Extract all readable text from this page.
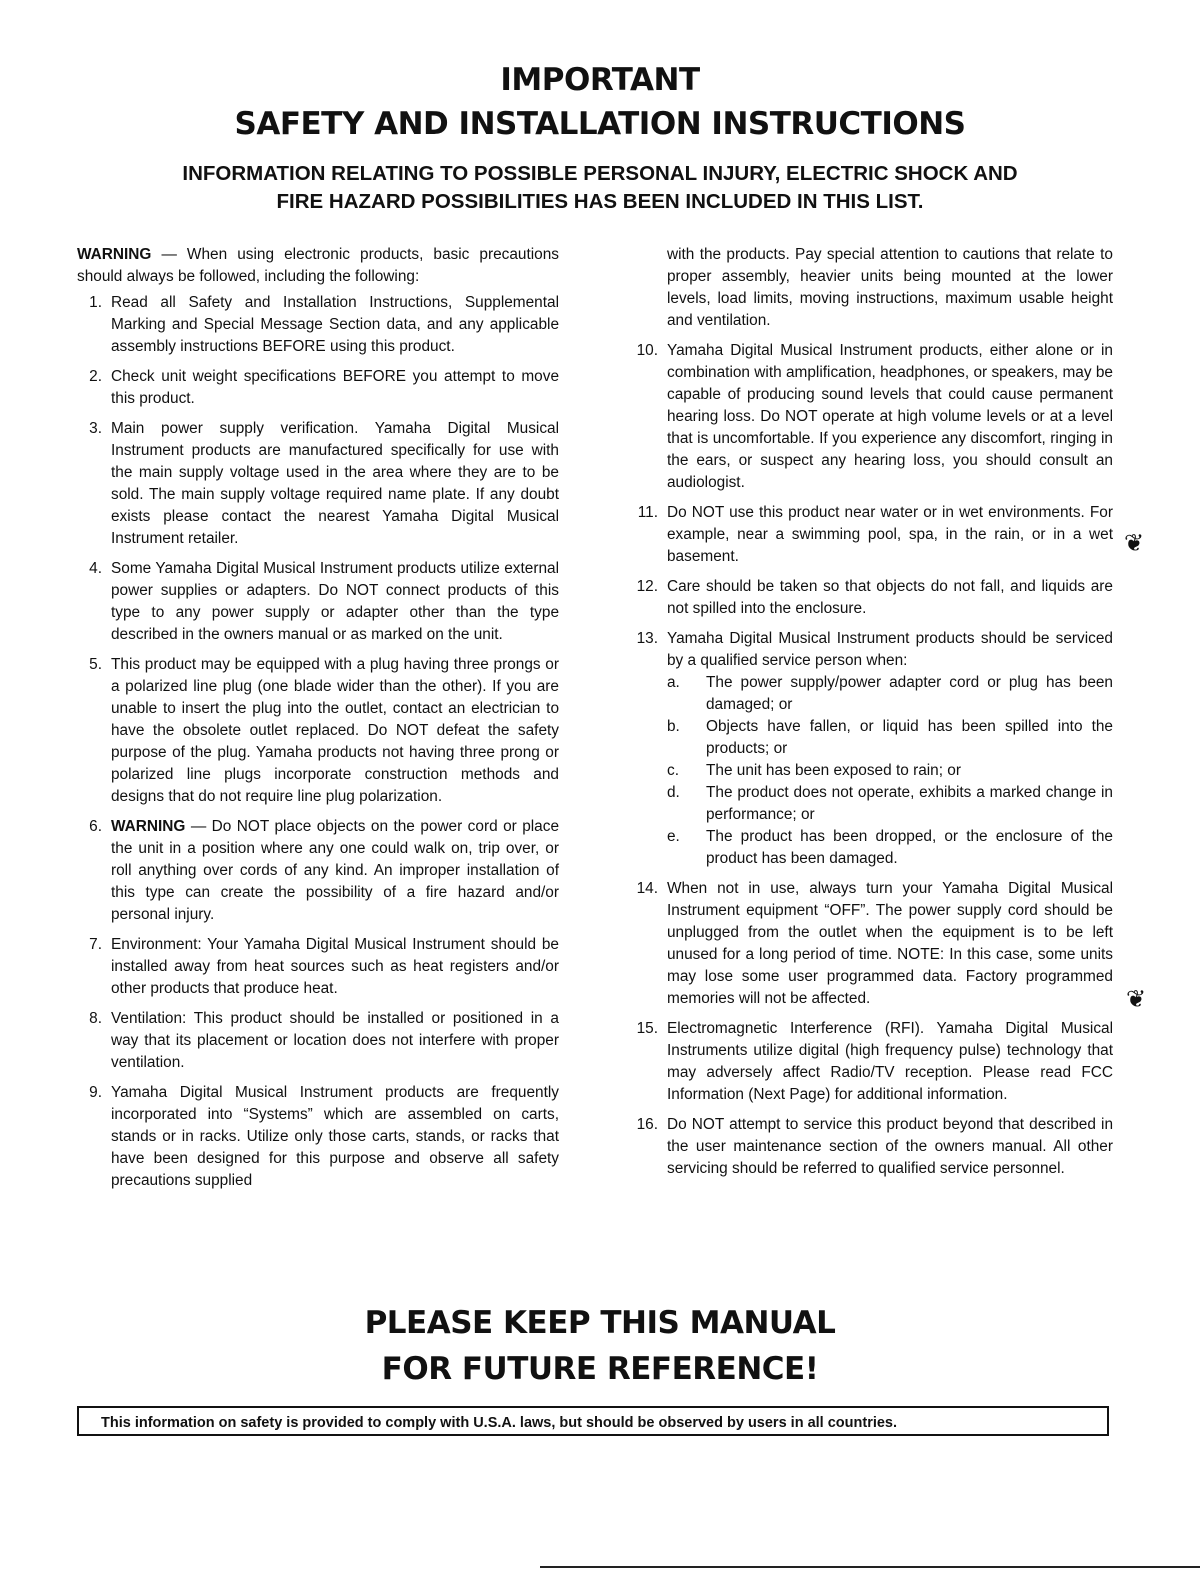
IMPORTANT
SAFETY AND INSTALLATION INSTRUCTIONS
INFORMATION RELATING TO POSSIBLE PERSONAL INJURY, ELECTRIC SHOCK AND
FIRE HAZARD POSSIBILITIES HAS BEEN INCLUDED IN THIS LIST.

WARNING — When using electronic products, basic precautions should always be followed, including the following:

1. Read all Safety and Installation Instructions, Supplemental Marking and Special Message Section data, and any applicable assembly instructions BEFORE using this product.
2. Check unit weight specifications BEFORE you attempt to move this product.
3. Main power supply verification. Yamaha Digital Musical Instrument products are manufactured specifically for use with the main supply voltage used in the area where they are to be sold. The main supply voltage required name plate. If any doubt exists please contact the nearest Yamaha Digital Musical Instrument retailer.
4. Some Yamaha Digital Musical Instrument products utilize external power supplies or adapters. Do NOT connect products of this type to any power supply or adapter other than the type described in the owners manual or as marked on the unit.
5. This product may be equipped with a plug having three prongs or a polarized line plug (one blade wider than the other). If you are unable to insert the plug into the outlet, contact an electrician to have the obsolete outlet replaced. Do NOT defeat the safety purpose of the plug. Yamaha products not having three prong or polarized line plugs incorporate construction methods and designs that do not require line plug polarization.
6. WARNING — Do NOT place objects on the power cord or place the unit in a position where any one could walk on, trip over, or roll anything over cords of any kind. An improper installation of this type can create the possibility of a fire hazard and/or personal injury.
7. Environment: Your Yamaha Digital Musical Instrument should be installed away from heat sources such as heat registers and/or other products that produce heat.
8. Ventilation: This product should be installed or positioned in a way that its placement or location does not interfere with proper ventilation.
9. Yamaha Digital Musical Instrument products are frequently incorporated into “Systems” which are assembled on carts, stands or in racks. Utilize only those carts, stands, or racks that have been designed for this purpose and observe all safety precautions supplied

with the products. Pay special attention to cautions that relate to proper assembly, heavier units being mounted at the lower levels, load limits, moving instructions, maximum usable height and ventilation.

10. Yamaha Digital Musical Instrument products, either alone or in combination with amplification, headphones, or speakers, may be capable of producing sound levels that could cause permanent hearing loss. Do NOT operate at high volume levels or at a level that is uncomfortable. If you experience any discomfort, ringing in the ears, or suspect any hearing loss, you should consult an audiologist.
11. Do NOT use this product near water or in wet environments. For example, near a swimming pool, spa, in the rain, or in a wet basement.
12. Care should be taken so that objects do not fall, and liquids are not spilled into the enclosure.
13. Yamaha Digital Musical Instrument products should be serviced by a qualified service person when:
a. The power supply/power adapter cord or plug has been damaged; or
b. Objects have fallen, or liquid has been spilled into the products; or
c. The unit has been exposed to rain; or
d. The product does not operate, exhibits a marked change in performance; or
e. The product has been dropped, or the enclosure of the product has been damaged.
14. When not in use, always turn your Yamaha Digital Musical Instrument equipment “OFF”. The power supply cord should be unplugged from the outlet when the equipment is to be left unused for a long period of time. NOTE: In this case, some units may lose some user programmed data. Factory programmed memories will not be affected.
15. Electromagnetic Interference (RFI). Yamaha Digital Musical Instruments utilize digital (high frequency pulse) technology that may adversely affect Radio/TV reception. Please read FCC Information (Next Page) for additional information.
16. Do NOT attempt to service this product beyond that described in the user maintenance section of the owners manual. All other servicing should be referred to qualified service personnel.
❦
❦
PLEASE KEEP THIS MANUAL
FOR FUTURE REFERENCE!
This information on safety is provided to comply with U.S.A. laws, but should be observed by users in all countries.
